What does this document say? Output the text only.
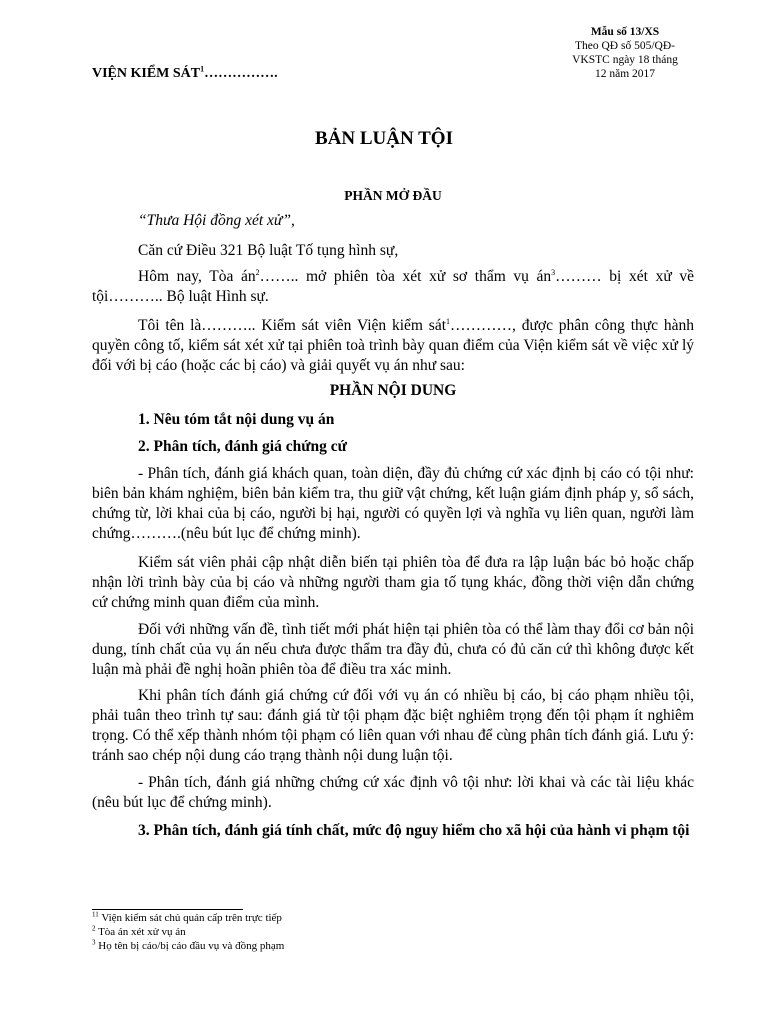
Mẫu số 13/XS
Theo QĐ số 505/QĐ-
VKSTC ngày 18 tháng
12 năm 2017
VIỆN KIỂM SÁT$^1$…………….
BẢN LUẬN TỘI
PHẦN MỞ ĐẦU
“Thưa Hội đồng xét xử”,
Căn cứ Điều 321 Bộ luật Tố tụng hình sự,
Hôm nay, Tòa $án^2\dots\dots$.. mở phiên tòa xét xử sơ thẩm vụ $án^3\dots\dots\dots$ bị xét xử về tội……….. Bộ luật Hình sự.
Tôi tên là……….. Kiểm sát viên Viện kiểm sát$^1$…………, được phân công thực hành quyền công tố, kiểm sát xét xử tại phiên toà trình bày quan điểm của Viện kiểm sát về việc xử lý đối với bị cáo (hoặc các bị cáo) và giải quyết vụ án như sau:
PHẦN NỘI DUNG
1. Nêu tóm tắt nội dung vụ án
2. Phân tích, đánh giá chứng cứ
- Phân tích, đánh giá khách quan, toàn diện, đầy đủ chứng cứ xác định bị cáo có tội như: biên bản khám nghiệm, biên bản kiểm tra, thu giữ vật chứng, kết luận giám định pháp y, sổ sách, chứng từ, lời khai của bị cáo, người bị hại, người có quyền lợi và nghĩa vụ liên quan, người làm chứng……….(nêu bút lục để chứng minh).
Kiểm sát viên phải cập nhật diễn biến tại phiên tòa để đưa ra lập luận bác bỏ hoặc chấp nhận lời trình bày của bị cáo và những người tham gia tố tụng khác, đồng thời viện dẫn chứng cứ chứng minh quan điểm của mình.
Đối với những vấn đề, tình tiết mới phát hiện tại phiên tòa có thể làm thay đổi cơ bản nội dung, tính chất của vụ án nếu chưa được thẩm tra đầy đủ, chưa có đủ căn cứ thì không được kết luận mà phải đề nghị hoãn phiên tòa để điều tra xác minh.
Khi phân tích đánh giá chứng cứ đối với vụ án có nhiều bị cáo, bị cáo phạm nhiều tội, phải tuân theo trình tự sau: đánh giá từ tội phạm đặc biệt nghiêm trọng đến tội phạm ít nghiêm trọng. Có thể xếp thành nhóm tội phạm có liên quan với nhau để cùng phân tích đánh giá. Lưu ý: tránh sao chép nội dung cáo trạng thành nội dung luận tội.
- Phân tích, đánh giá những chứng cứ xác định vô tội như: lời khai và các tài liệu khác (nêu bút lục để chứng minh).
3. Phân tích, đánh giá tính chất, mức độ nguy hiểm cho xã hội của hành vi phạm tội
$^{11}$ Viện kiểm sát chủ quản cấp trên trực tiếp
$^2$ Tòa án xét xử vụ án
$^3$ Họ tên bị cáo/bị cáo đầu vụ và đồng phạm
